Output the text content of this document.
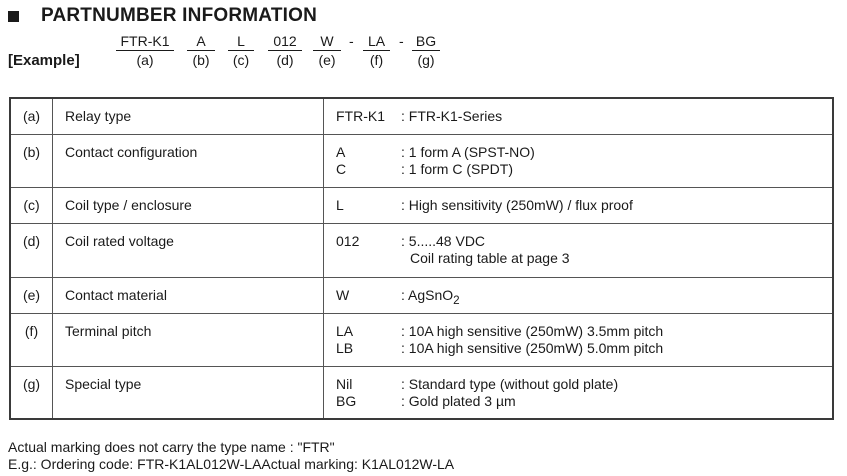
PARTNUMBER INFORMATION
[Example]
FTR-K1
(a)
A
(b)
L
(c)
012
(d)
W
(e)
-	LA
(f)
- BG
(g)
(a)	Relay type	FTR-K1 : FTR-K1-Series

(b)	Contact configuration	A : 1 form A (SPST-NO)
C : 1 form C (SPDT)

(c)	Coil type / enclosure	L : High sensitivity (250mW) / flux proof

(d)	Coil rated voltage	012 : 5.....48 VDC
Coil rating table at page 3

(e)	Contact material	W : AgSnO$_2$

(f)	Terminal pitch	LA : 10A high sensitive (250mW) 3.5mm pitch
LB : 10A high sensitive (250mW) 5.0mm pitch

(g)	Special type	Nil : Standard type (without gold plate)
BG : Gold plated 3 µm
Actual marking does not carry the type name : "FTR"
E.g.: Ordering code: FTR-K1AL012W-LAActual marking: K1AL012W-LA
